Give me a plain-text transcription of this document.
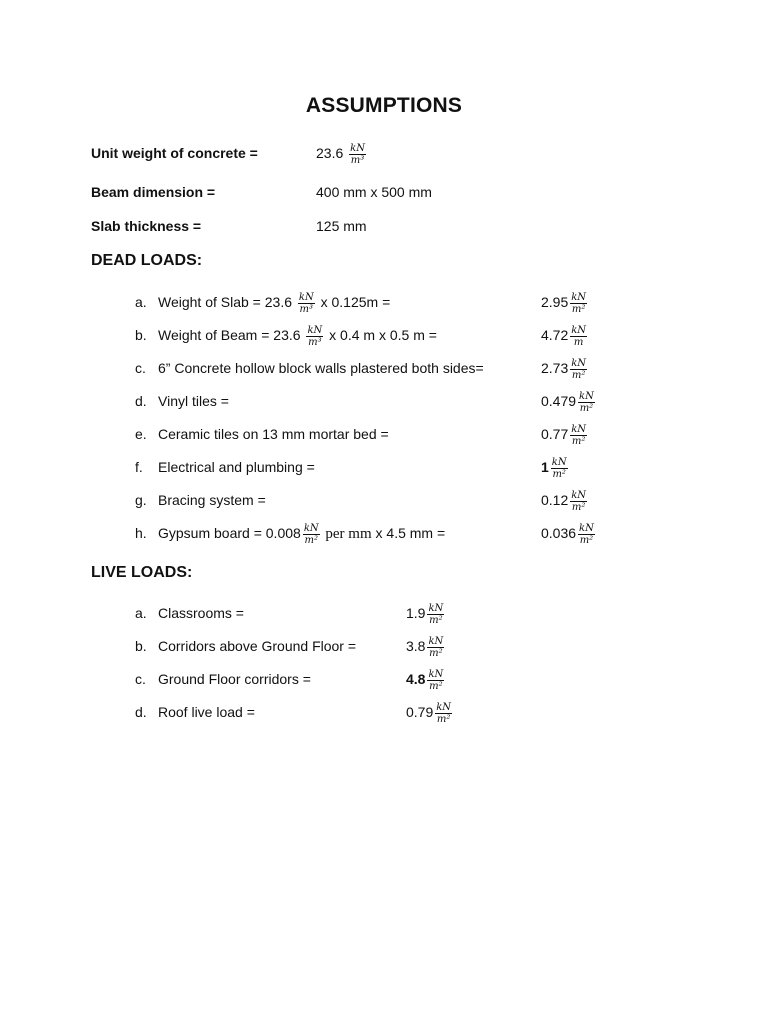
ASSUMPTIONS
Unit weight of concrete =	$23.6 \frac{kN}{\text{m³}}$
Beam dimension =	400 mm x 500 mm
Slab thickness =	125 mm
DEAD LOADS:
a. Weight of Slab = $23.6 \frac{kN}{\text{m³}}$ x 0.125m =	$2.95 \frac{kN}{\text{m²}}$
b. Weight of Beam = $23.6 \frac{kN}{\text{m³}}$ x 0.4 m x 0.5 m =	$4.72 \frac{kN}{m}$
c. 6” Concrete hollow block walls plastered both sides=	$2.73 \frac{kN}{\text{m²}}$
d. Vinyl tiles =	$0.479 \frac{kN}{\text{m²}}$
e. Ceramic tiles on 13 mm mortar bed =	$0.77 \frac{kN}{\text{m²}}$
f. Electrical and plumbing =	$1 \frac{kN}{\text{m²}}$
g. Bracing system =	$0.12 \frac{kN}{\text{m²}}$
h. Gypsum board = $0.008 \frac{kN}{\text{m²}}$ per mm x 4.5 mm =	$0.036 \frac{kN}{\text{m²}}$
LIVE LOADS:
a. Classrooms =	$1.9 \frac{kN}{\text{m²}}$
b. Corridors above Ground Floor =	$3.8 \frac{kN}{\text{m²}}$
c. Ground Floor corridors =	$4.8 \frac{kN}{\text{m²}}$
d. Roof live load =	$0.79 \frac{kN}{\text{m²}}$
